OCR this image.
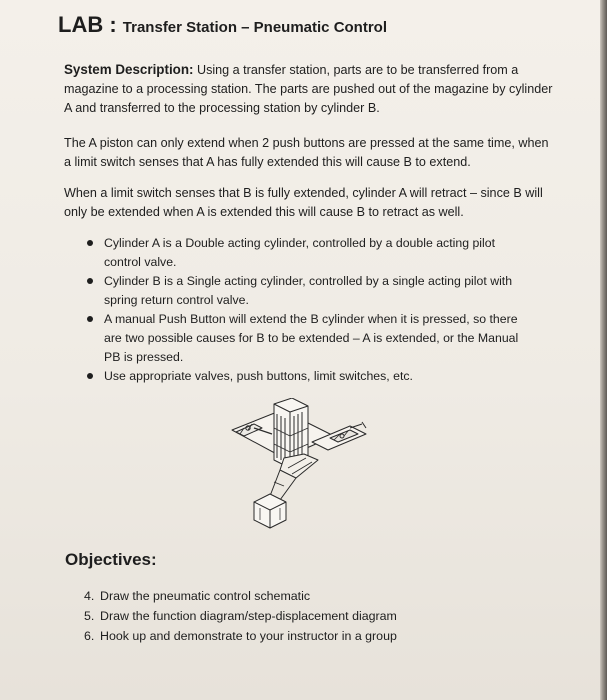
LAB : Transfer Station – Pneumatic Control

System Description: Using a transfer station, parts are to be transferred from a magazine to a processing station. The parts are pushed out of the magazine by cylinder A and transferred to the processing station by cylinder B.

The A piston can only extend when 2 push buttons are pressed at the same time, when a limit switch senses that A has fully extended this will cause B to extend.

When a limit switch senses that B is fully extended, cylinder A will retract – since B will only be extended when A is extended this will cause B to retract as well.

Cylinder A is a Double acting cylinder, controlled by a double acting pilot control valve.
Cylinder B is a Single acting cylinder, controlled by a single acting pilot with spring return control valve.
A manual Push Button will extend the B cylinder when it is pressed, so there are two possible causes for B to be extended – A is extended, or the Manual PB is pressed.
Use appropriate valves, push buttons, limit switches, etc.
Objectives:
4. Draw the pneumatic control schematic
5. Draw the function diagram/step-displacement diagram
6. Hook up and demonstrate to your instructor in a group
